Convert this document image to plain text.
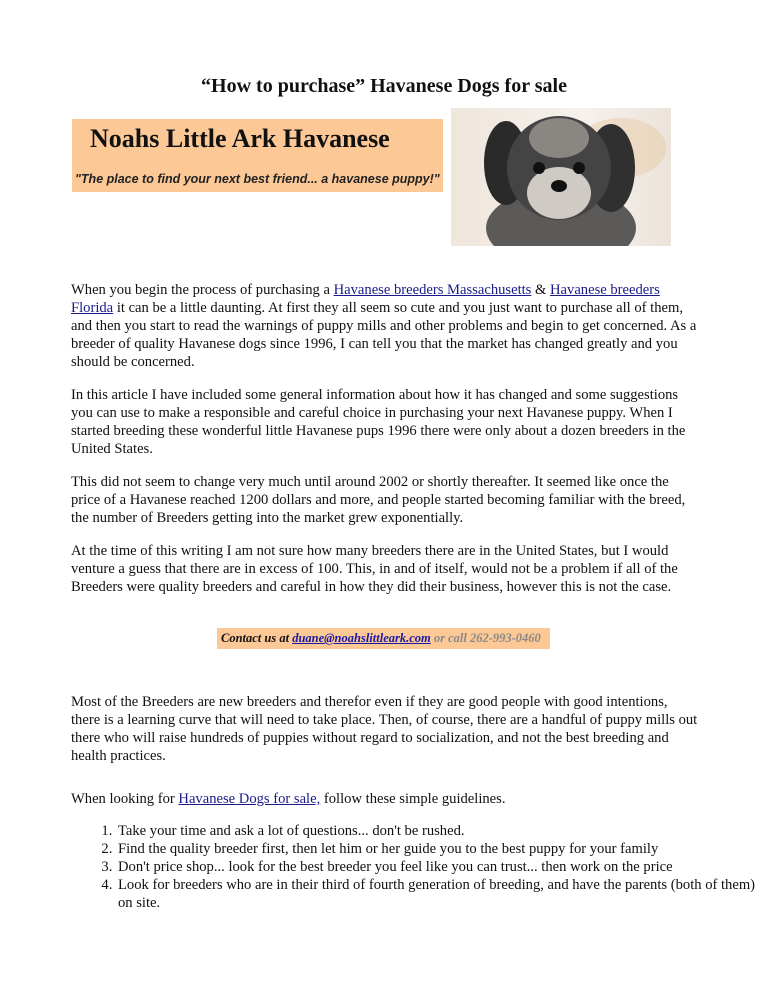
“How to purchase” Havanese Dogs for sale
Noahs Little Ark Havanese
"The place to find your next best friend... a havanese puppy!"

When you begin the process of purchasing a Havanese breeders Massachusetts & Havanese breeders Florida it can be a little daunting. At first they all seem so cute and you just want to purchase all of them, and then you start to read the warnings of puppy mills and other problems and begin to get concerned. As a breeder of quality Havanese dogs since 1996, I can tell you that the market has changed greatly and you should be concerned.

In this article I have included some general information about how it has changed and some suggestions you can use to make a responsible and careful choice in purchasing your next Havanese puppy. When I started breeding these wonderful little Havanese pups 1996 there were only about a dozen breeders in the United States.

This did not seem to change very much until around 2002 or shortly thereafter. It seemed like once the price of a Havanese reached 1200 dollars and more, and people started becoming familiar with the breed, the number of Breeders getting into the market grew exponentially.

At the time of this writing I am not sure how many breeders there are in the United States, but I would venture a guess that there are in excess of 100. This, in and of itself, would not be a problem if all of the Breeders were quality breeders and careful in how they did their business, however this is not the case.

Contact us at duane@noahslittleark.com or call 262-993-0460

Most of the Breeders are new breeders and therefor even if they are good people with good intentions, there is a learning curve that will need to take place. Then, of course, there are a handful of puppy mills out there who will raise hundreds of puppies without regard to socialization, and not the best breeding and health practices.

When looking for Havanese Dogs for sale, follow these simple guidelines.

1. Take your time and ask a lot of questions... don't be rushed.
2. Find the quality breeder first, then let him or her guide you to the best puppy for your family
3. Don't price shop... look for the best breeder you feel like you can trust... then work on the price
4. Look for breeders who are in their third of fourth generation of breeding, and have the parents (both of them) on site.
